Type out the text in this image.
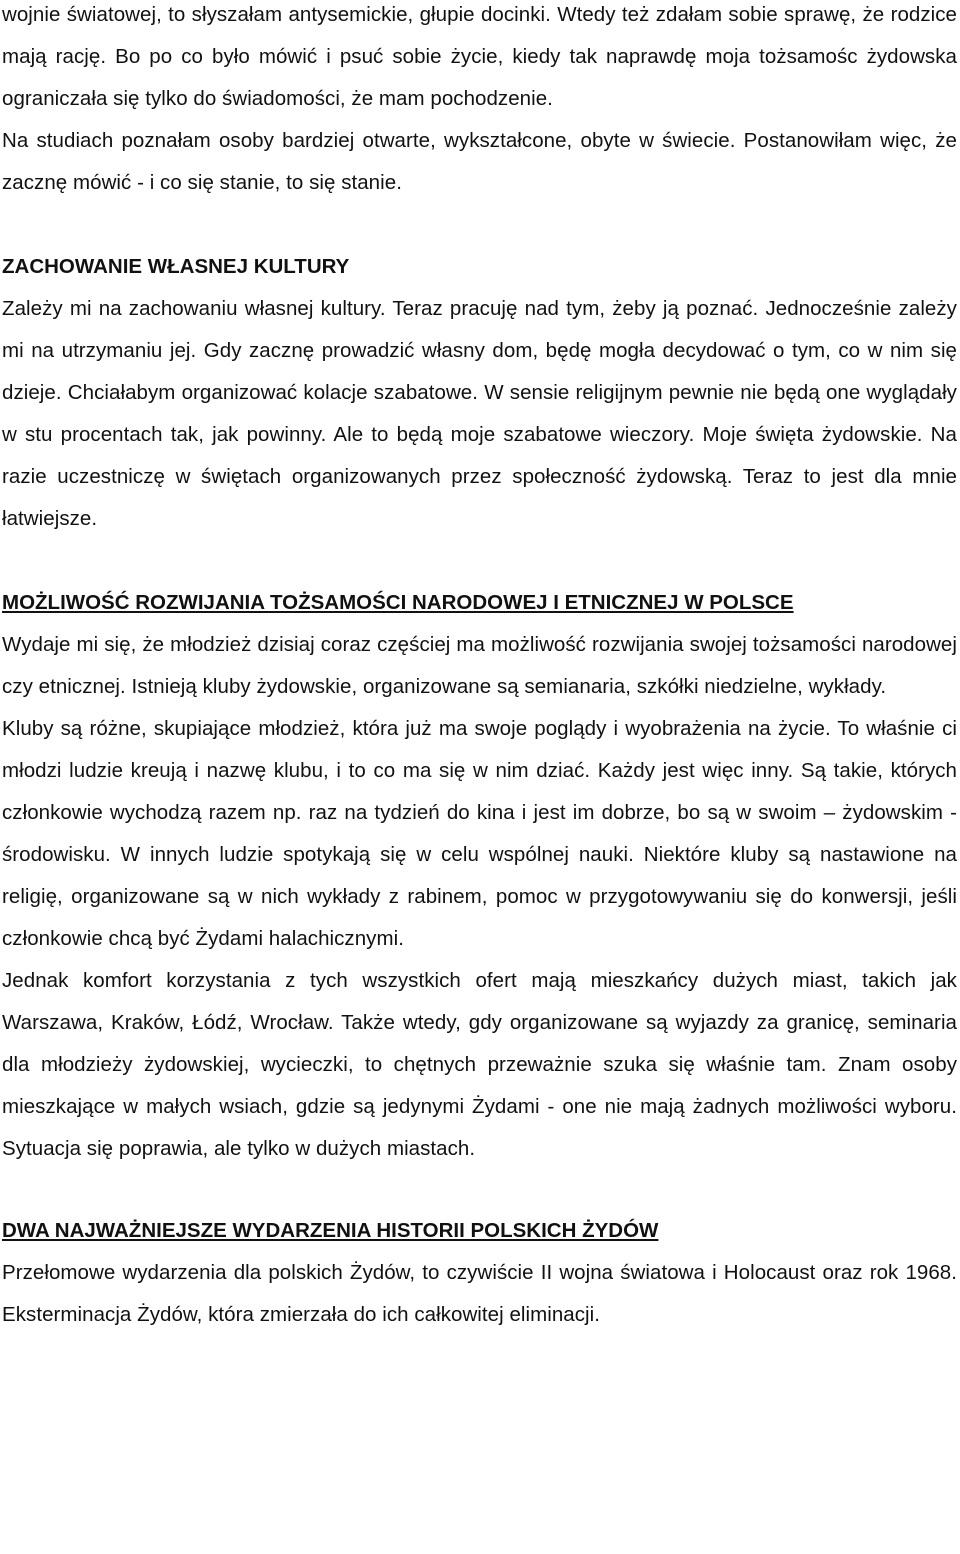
wojnie światowej, to słyszałam antysemickie, głupie docinki. Wtedy też zdałam sobie sprawę, że rodzice mają rację. Bo po co było mówić i psuć sobie życie, kiedy tak naprawdę moja tożsamośc żydowska ograniczała się tylko do świadomości, że mam pochodzenie.

Na studiach poznałam osoby bardziej otwarte, wykształcone, obyte w świecie. Postanowiłam więc, że zacznę mówić - i co się stanie, to się stanie.

ZACHOWANIE WŁASNEJ KULTURY

Zależy mi na zachowaniu własnej kultury. Teraz pracuję nad tym, żeby ją poznać. Jednocześnie zależy mi na utrzymaniu jej. Gdy zacznę prowadzić własny dom, będę mogła decydować o tym, co w nim się dzieje. Chciałabym organizować kolacje szabatowe. W sensie religijnym pewnie nie będą one wyglądały w stu procentach tak, jak powinny. Ale to będą moje szabatowe wieczory. Moje święta żydowskie. Na razie uczestniczę w świętach organizowanych przez społeczność żydowską. Teraz to jest dla mnie łatwiejsze.

MOŻLIWOŚĆ ROZWIJANIA TOŻSAMOŚCI NARODOWEJ I ETNICZNEJ W POLSCE

Wydaje mi się, że młodzież dzisiaj coraz częściej ma możliwość rozwijania swojej tożsamości narodowej czy etnicznej. Istnieją kluby żydowskie, organizowane są semianaria, szkółki niedzielne, wykłady.

Kluby są różne, skupiające młodzież, która już ma swoje poglądy i wyobrażenia na życie. To właśnie ci młodzi ludzie kreują i nazwę klubu, i to co ma się w nim dziać. Każdy jest więc inny. Są takie, których członkowie wychodzą razem np. raz na tydzień do kina i jest im dobrze, bo są w swoim – żydowskim - środowisku. W innych ludzie spotykają się w celu wspólnej nauki. Niektóre kluby są nastawione na religię, organizowane są w nich wykłady z rabinem, pomoc w przygotowywaniu się do konwersji, jeśli członkowie chcą być Żydami halachicznymi.

Jednak komfort korzystania z tych wszystkich ofert mają mieszkańcy dużych miast, takich jak Warszawa, Kraków, Łódź, Wrocław. Także wtedy, gdy organizowane są wyjazdy za granicę, seminaria dla młodzieży żydowskiej, wycieczki, to chętnych przeważnie szuka się właśnie tam. Znam osoby mieszkające w małych wsiach, gdzie są jedynymi Żydami - one nie mają żadnych możliwości wyboru. Sytuacja się poprawia, ale tylko w dużych miastach.

DWA NAJWAŻNIEJSZE WYDARZENIA HISTORII POLSKICH ŻYDÓW

Przełomowe wydarzenia dla polskich Żydów, to czywiście II wojna światowa i Holocaust oraz rok 1968. Eksterminacja Żydów, która zmierzała do ich całkowitej eliminacji.
